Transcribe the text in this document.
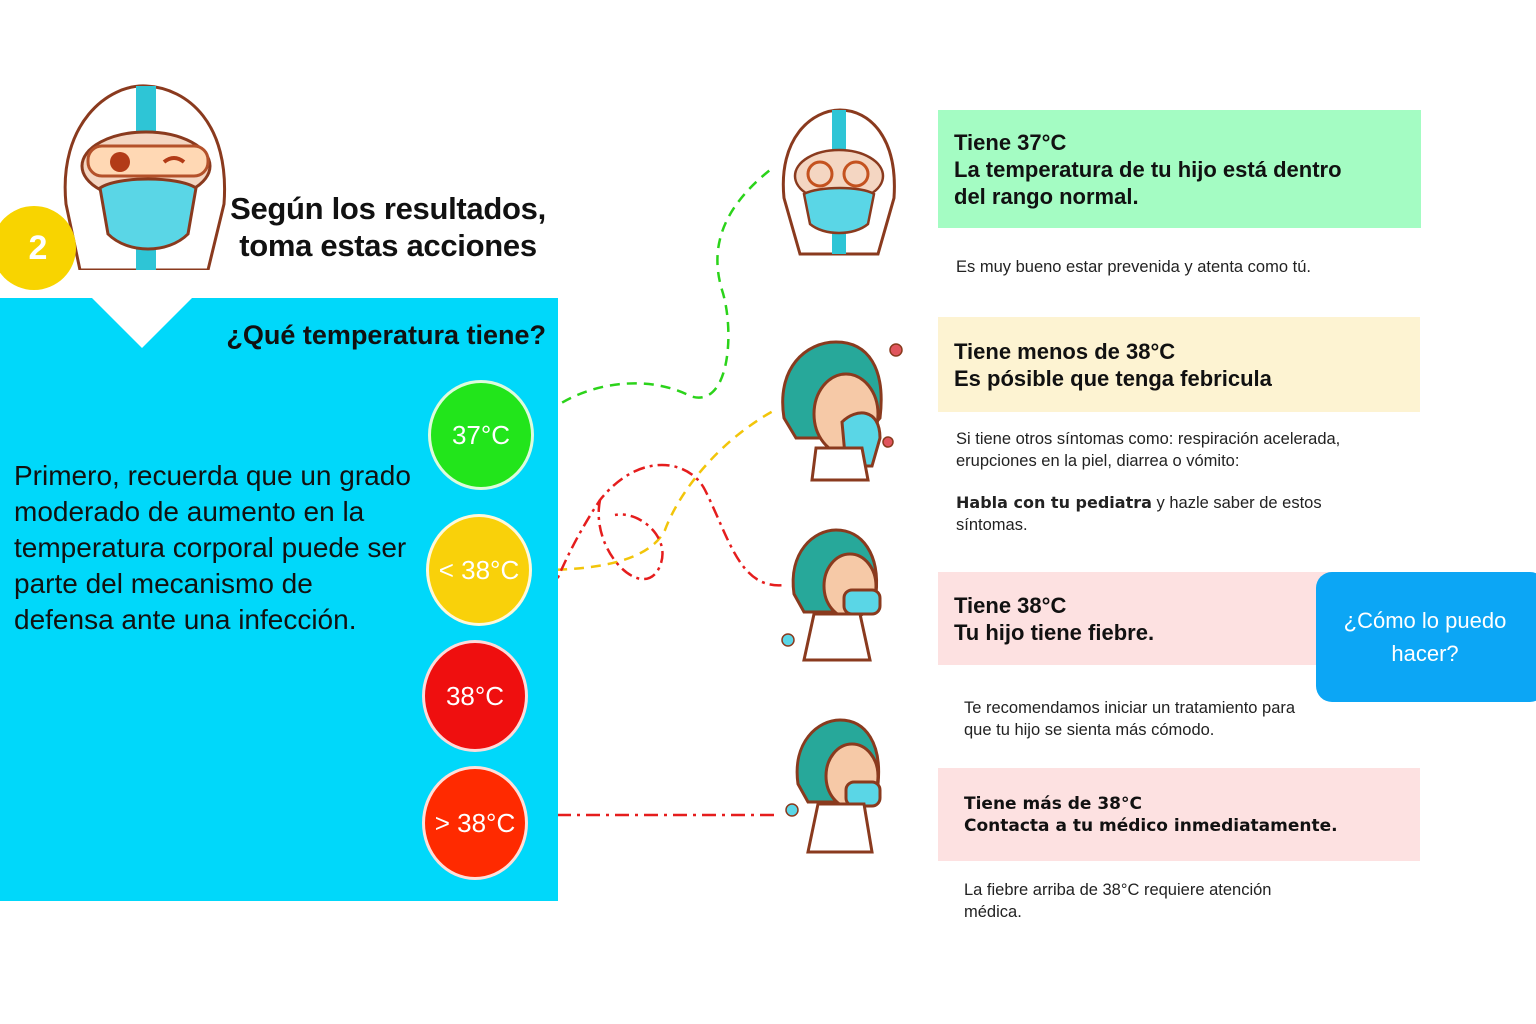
2
Según los resultados,
toma estas acciones
¿Qué temperatura tiene?
Primero, recuerda que un grado moderado de aumento en la temperatura corporal puede ser parte del mecanismo de defensa ante una infección.
37°C
< 38°C
38°C
> 38°C
Tiene 37°C
La temperatura de tu hijo está dentro del rango normal.
Es muy bueno estar prevenida y atenta como tú.
Tiene menos de 38°C
Es pósible que tenga febricula
Si tiene otros síntomas como: respiración acelerada, erupciones en la piel, diarrea o vómito:
Habla con tu pediatra y hazle saber de estos síntomas.
Tiene 38°C
Tu hijo tiene fiebre.
Te recomendamos iniciar un tratamiento para que tu hijo se sienta más cómodo.
¿Cómo lo puedo hacer?
Tiene más de 38°C
Contacta a tu médico inmediatamente.
La fiebre arriba de 38°C requiere atención médica.
